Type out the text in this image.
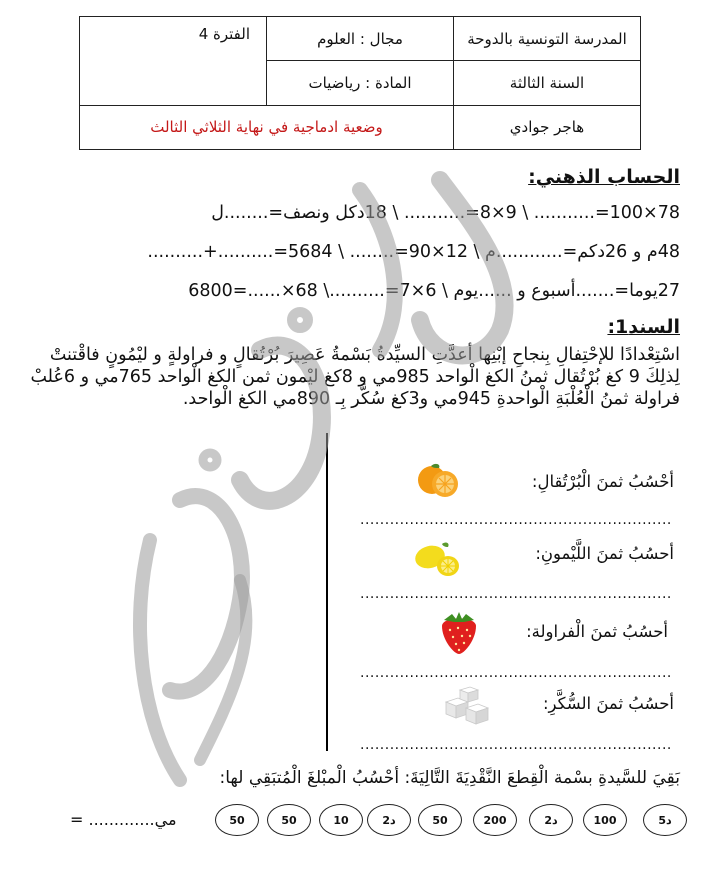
المدرسة التونسية بالدوحة	مجال : العلوم	الفترة 4
السنة الثالثة	المادة : رياضيات	
هاجر جوادي	وضعية ادماجية في نهاية الثلاثي الثالث	
الحساب الذهني:
78×100=........... \ 9×8=........... \ 18دكل ونصف=........ل
48م و 26دكم=............م \ 12×90=........ \ 5684=..........+..........
27يوما=.......أسبوع و ......يوم \ 6×7=..........\ 68×......=6800
السند1:
اسْتِعْدادًا للإحْتِفالِ بِنجاحِ إبْنِها أعدَّتِ السيِّدةُ بَسْمةُ عَصِيرَ بُرْتُقالٍ و فراولةٍ و ليْمُونٍ فاقْتنتْ لِذلِكَ 9 كغ بُرْتُقال ثمنُ الكغ الْواحد 985مي و 8كغ ليْمون ثمن الكغ الْواحد 765مي و 6عُلبْ فراولة ثمنُ الْعُلْبَةِ الْواحدةِ 945مي و3كغ سُكَّر بِـ 890مي الكغ الْواحد.
أحْسُبُ ثمنَ الْبُرْتُقالِ:
...............................................................
أحسُبُ ثمنَ اللَّيْمونِ:
...............................................................
أحسُبُ ثمنَ الْفراولة:
...............................................................
أحسُبُ ثمنَ السُّكَّرِ:
...............................................................
بَقِيَ للسَّيدةِ بسْمة الْقِطعَ النَّقْدِيَةَ التَّالِيَةَ: أحْسُبُ الْمبْلغَ الْمُتبَقِي لها:
5د
100
2د
200
50
2د
10
50
50
= .............مي
